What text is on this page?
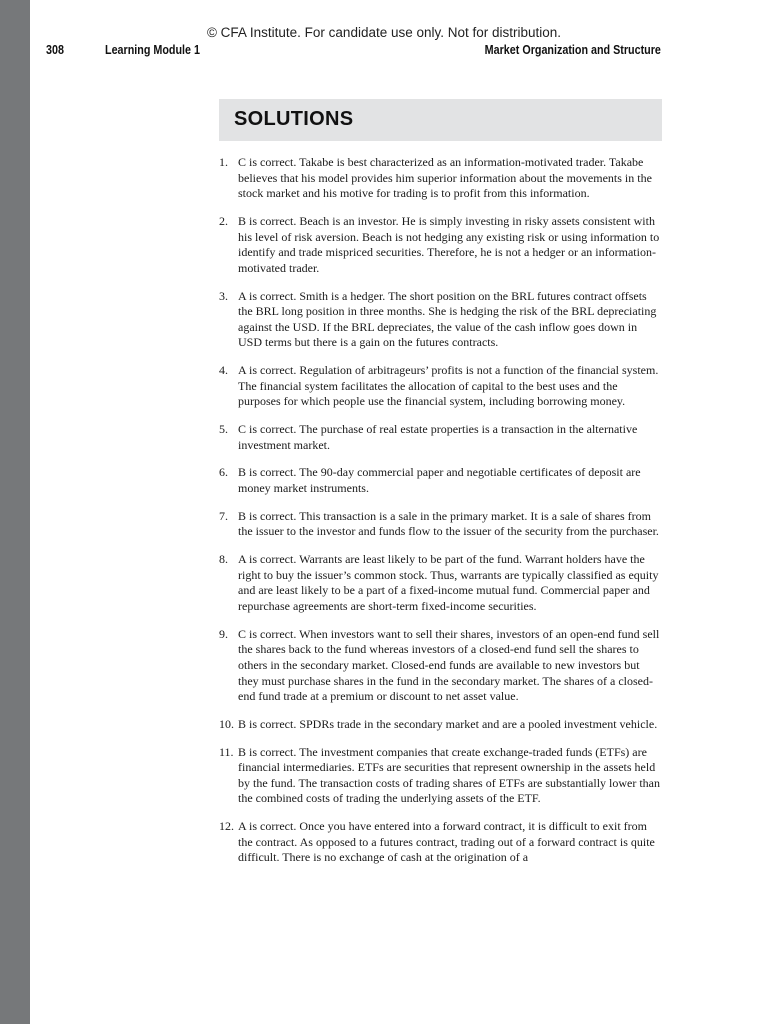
© CFA Institute. For candidate use only. Not for distribution.
308	Learning Module 1	Market Organization and Structure
SOLUTIONS
1. C is correct. Takabe is best characterized as an information-motivated trader. Takabe believes that his model provides him superior information about the movements in the stock market and his motive for trading is to profit from this information.
2. B is correct. Beach is an investor. He is simply investing in risky assets consistent with his level of risk aversion. Beach is not hedging any existing risk or using information to identify and trade mispriced securities. Therefore, he is not a hedger or an information-motivated trader.
3. A is correct. Smith is a hedger. The short position on the BRL futures contract offsets the BRL long position in three months. She is hedging the risk of the BRL depreciating against the USD. If the BRL depreciates, the value of the cash inflow goes down in USD terms but there is a gain on the futures contracts.
4. A is correct. Regulation of arbitrageurs’ profits is not a function of the financial system. The financial system facilitates the allocation of capital to the best uses and the purposes for which people use the financial system, including borrowing money.
5. C is correct. The purchase of real estate properties is a transaction in the alternative investment market.
6. B is correct. The 90-day commercial paper and negotiable certificates of deposit are money market instruments.
7. B is correct. This transaction is a sale in the primary market. It is a sale of shares from the issuer to the investor and funds flow to the issuer of the security from the purchaser.
8. A is correct. Warrants are least likely to be part of the fund. Warrant holders have the right to buy the issuer’s common stock. Thus, warrants are typically classified as equity and are least likely to be a part of a fixed-income mutual fund. Commercial paper and repurchase agreements are short-term fixed-income securities.
9. C is correct. When investors want to sell their shares, investors of an open-end fund sell the shares back to the fund whereas investors of a closed-end fund sell the shares to others in the secondary market. Closed-end funds are available to new investors but they must purchase shares in the fund in the secondary market. The shares of a closed-end fund trade at a premium or discount to net asset value.
10. B is correct. SPDRs trade in the secondary market and are a pooled investment vehicle.
11. B is correct. The investment companies that create exchange-traded funds (ETFs) are financial intermediaries. ETFs are securities that represent ownership in the assets held by the fund. The transaction costs of trading shares of ETFs are substantially lower than the combined costs of trading the underlying assets of the ETF.
12. A is correct. Once you have entered into a forward contract, it is difficult to exit from the contract. As opposed to a futures contract, trading out of a forward contract is quite difficult. There is no exchange of cash at the origination of a
